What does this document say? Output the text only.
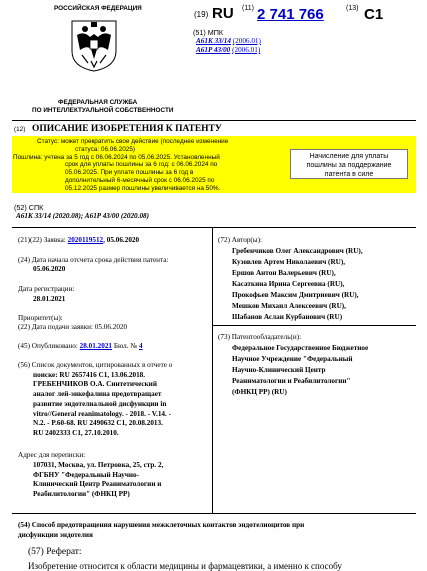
РОССИЙСКАЯ ФЕДЕРАЦИЯ
ФЕДЕРАЛЬНАЯ СЛУЖБА
ПО ИНТЕЛЛЕКТУАЛЬНОЙ СОБСТВЕННОСТИ
(19) RU (11) 2 741 766	(13) C1
(51) МПК
A61K 33/14 (2006.01)
A61P 43/00 (2006.01)
(12) ОПИСАНИЕ ИЗОБРЕТЕНИЯ К ПАТЕНТУ
Статус: может прекратить свое действие (последнее изменение
статуса: 06.06.2025)
Пошлина: учтена за 5 год с 06.06.2024 по 05.06.2025. Установленный
срок для уплаты пошлины за 6 год: с 06.06.2024 по
05.06.2025. При уплате пошлины за 6 год в
дополнительный 6-месячный срок с 06.06.2025 по
05.12.2025 размер пошлины увеличивается на 50%.
Начисление для уплаты
пошлины за поддержание
патента в силе
(52) СПК
A61K 33/14 (2020.08); A61P 43/00 (2020.08)
(21)(22) Заявка: 2020119512, 05.06.2020
(24) Дата начала отсчета срока действия патента:
05.06.2020
Дата регистрации:
28.01.2021
Приоритет(ы):
(22) Дата подачи заявки: 05.06.2020
(45) Опубликовано: 28.01.2021 Бюл. № 4
(56) Список документов, цитированных в отчете о
поиске: RU 2657416 C1, 13.06.2018.
ГРЕБЕНЧИКОВ О.А. Синтетический
аналог лей-энкефалина предотвращает
развитие эндотелиальной дисфункции in
vitro//General reanimatology. - 2018. - V.14. -
N.2. - P.60-68. RU 2490632 C1, 20.08.2013.
RU 2402333 C1, 27.10.2010.
Адрес для переписки:
107031, Москва, ул. Петровка, 25, стр. 2,
ФГБНУ "Федеральный Научно-
Клинический Центр Реаниматологии и
Реабилитологии" (ФНКЦ РР)
(72) Автор(ы):
Гребенчиков Олег Александрович (RU),
Кузовлев Артем Николаевич (RU),
Ершов Антон Валерьевич (RU),
Касаткина Ирина Сергеевна (RU),
Прокофьев Максим Дмитриевич (RU),
Мешков Михаил Алексеевич (RU),
Шабанов Аслан Курбанович (RU)
(73) Патентообладатель(и):
Федеральное Государственное Бюджетное
Научное Учреждение "Федеральный
Научно-Клинический Центр
Реаниматологии и Реабилитологии"
(ФНКЦ РР) (RU)
(54) Способ предотвращения нарушения межклеточных контактов эндотелиоцитов при
дисфункции эндотелия
(57) Реферат:
Изобретение относится к области медицины и фармацевтики, а именно к способу
